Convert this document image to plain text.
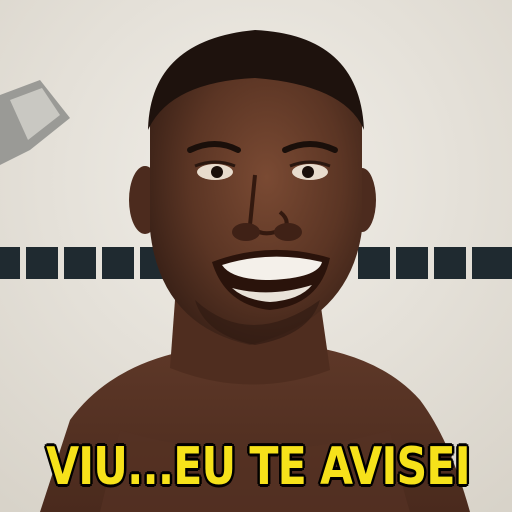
VIU...EU TE AVISEI
